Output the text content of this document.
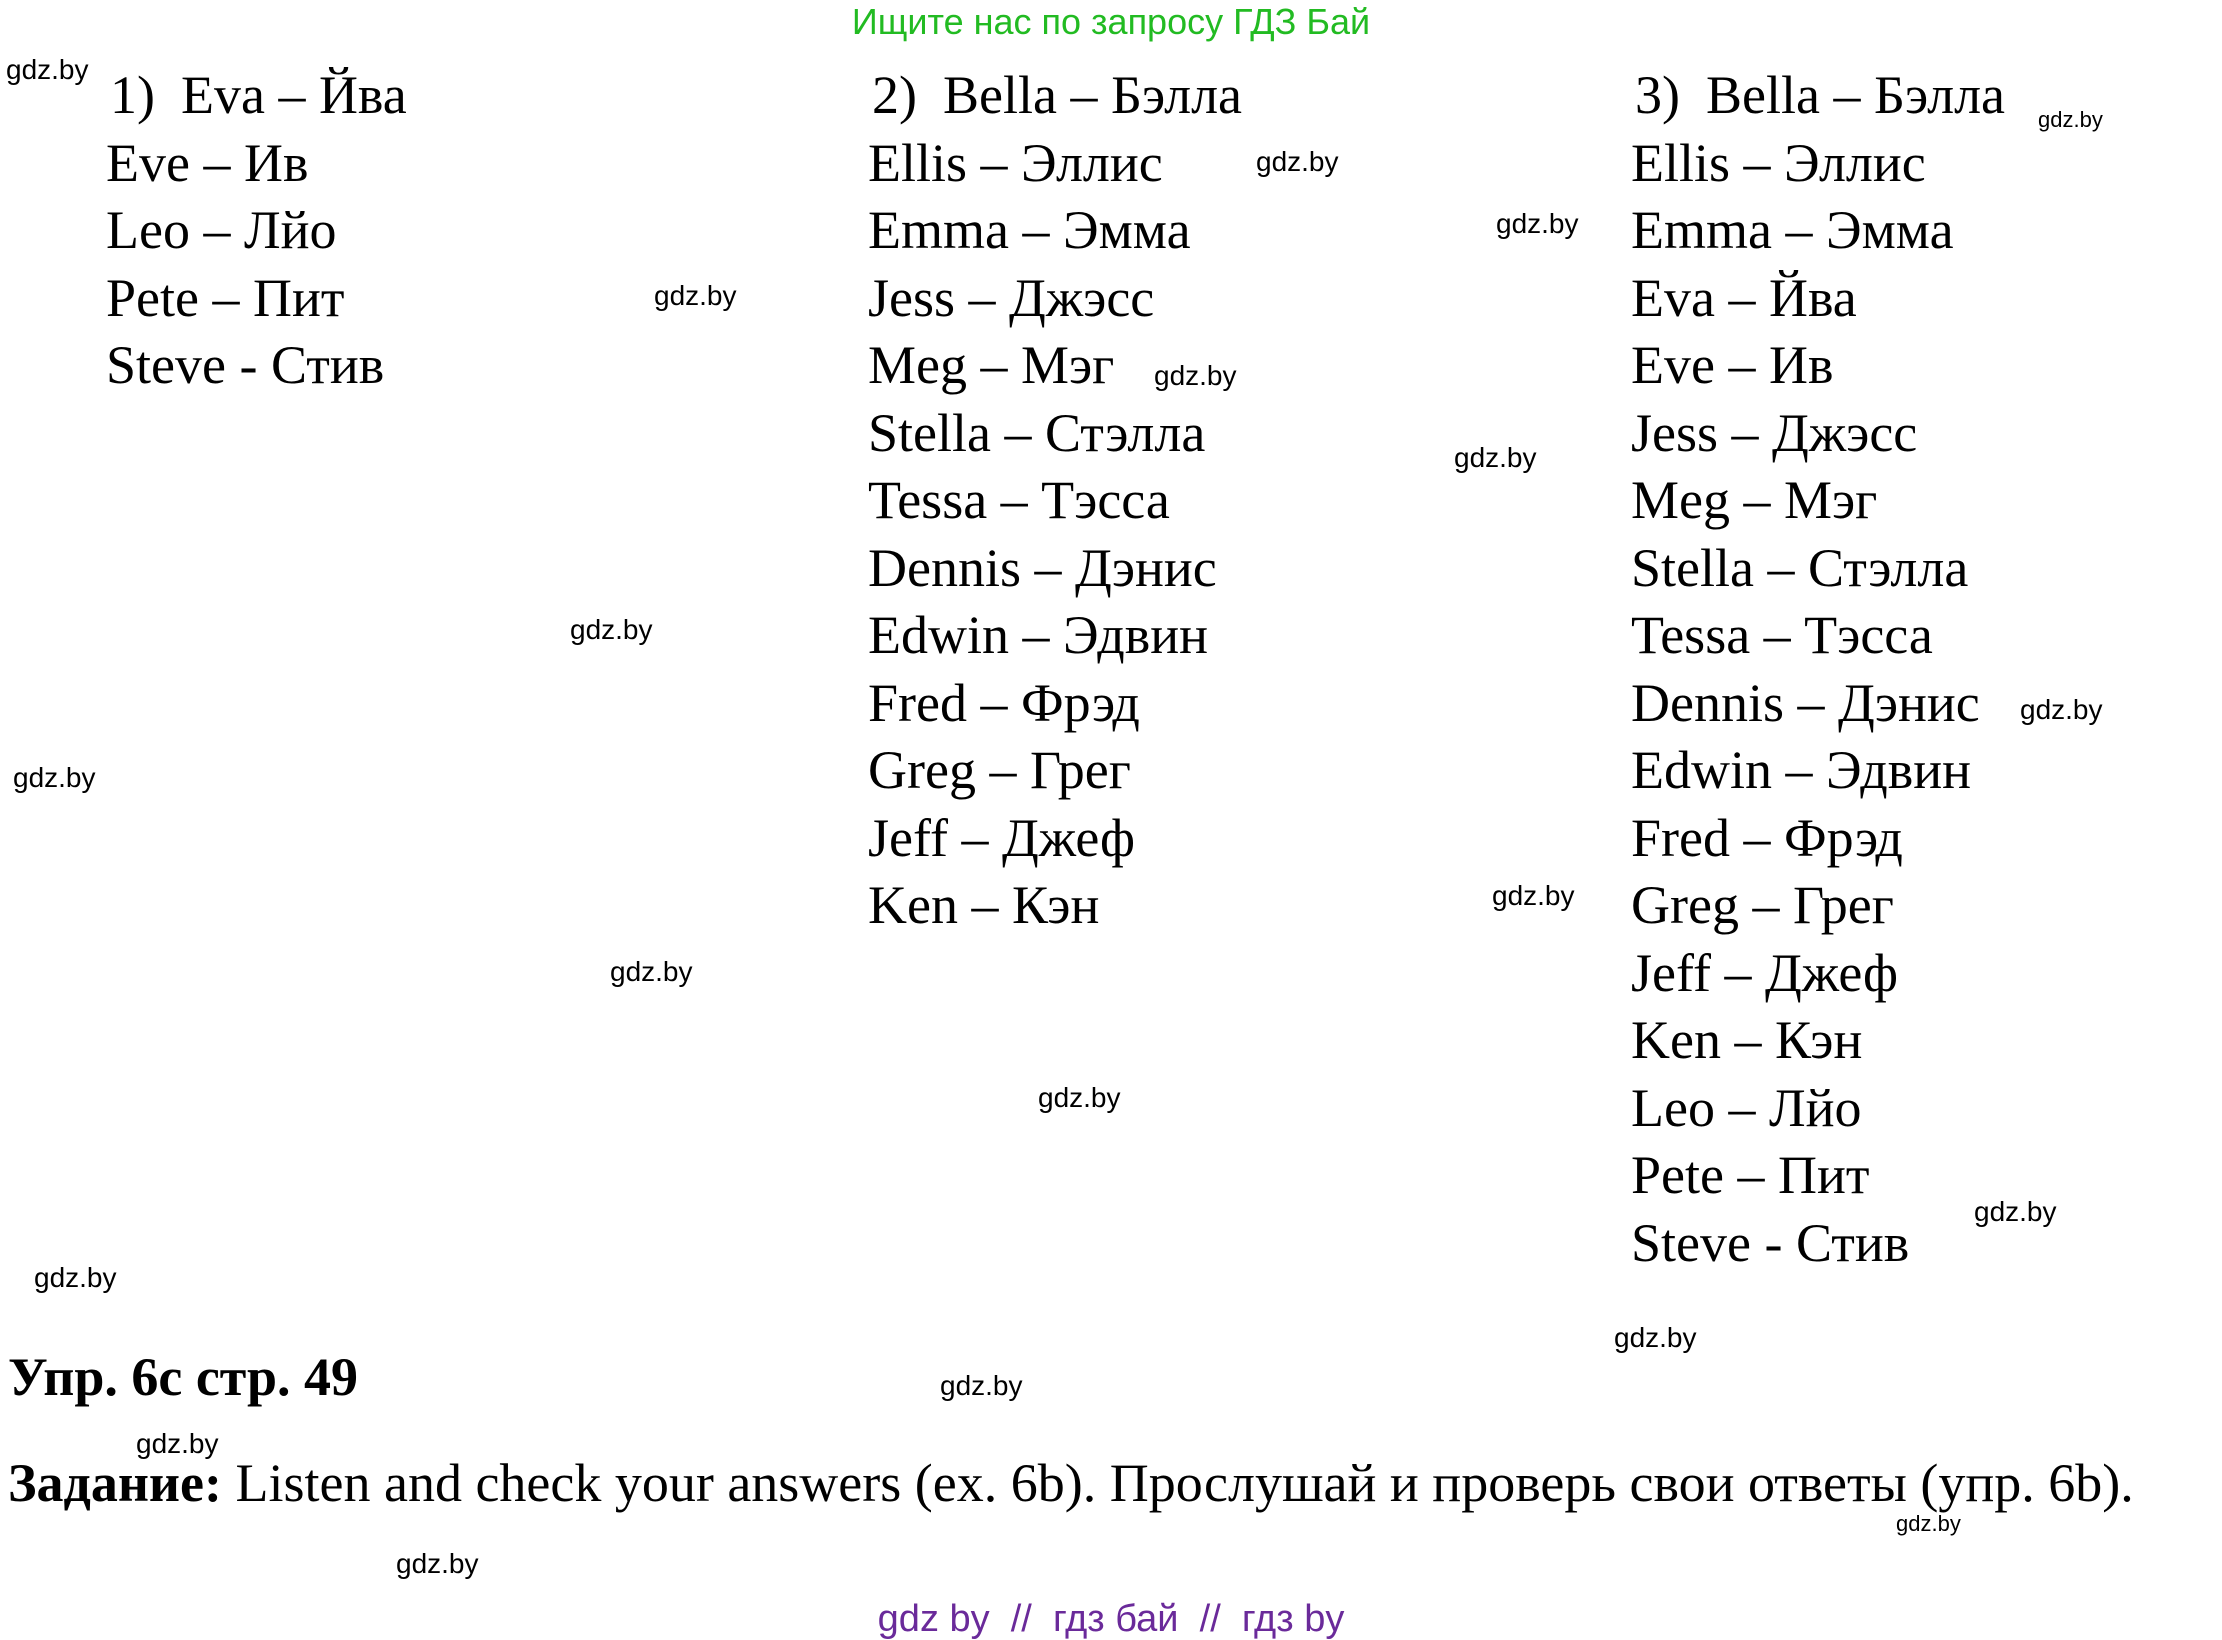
Ищите нас по запросу ГДЗ Бай
1) Eva – Йва
Eve – Ив
Leo – Лйо
Pete – Пит
Steve - Стив
2) Bella – Бэлла
Ellis – Эллис
Emma – Эмма
Jess – Джэсс
Meg – Мэг
Stella – Стэлла
Tessa – Тэсса
Dennis – Дэнис
Edwin – Эдвин
Fred – Фрэд
Greg – Грег
Jeff – Джеф
Ken – Кэн
3) Bella – Бэлла
Ellis – Эллис
Emma – Эмма
Eva – Йва
Eve – Ив
Jess – Джэсс
Meg – Мэг
Stella – Стэлла
Tessa – Тэсса
Dennis – Дэнис
Edwin – Эдвин
Fred – Фрэд
Greg – Грег
Jeff – Джеф
Ken – Кэн
Leo – Лйо
Pete – Пит
Steve - Стив
gdz.by
gdz.by
gdz.by
gdz.by
gdz.by
gdz.by
gdz.by
gdz.by
gdz.by
gdz.by
gdz.by
gdz.by
gdz.by
gdz.by
gdz.by
gdz.by
gdz.by
gdz.by
gdz.by
gdz.by
Упр. 6с стр. 49
Задание: Listen and check your answers (ex. 6b). Прослушай и проверь свои ответы (упр. 6b).
gdz by  //  гдз бай  //  гдз by
